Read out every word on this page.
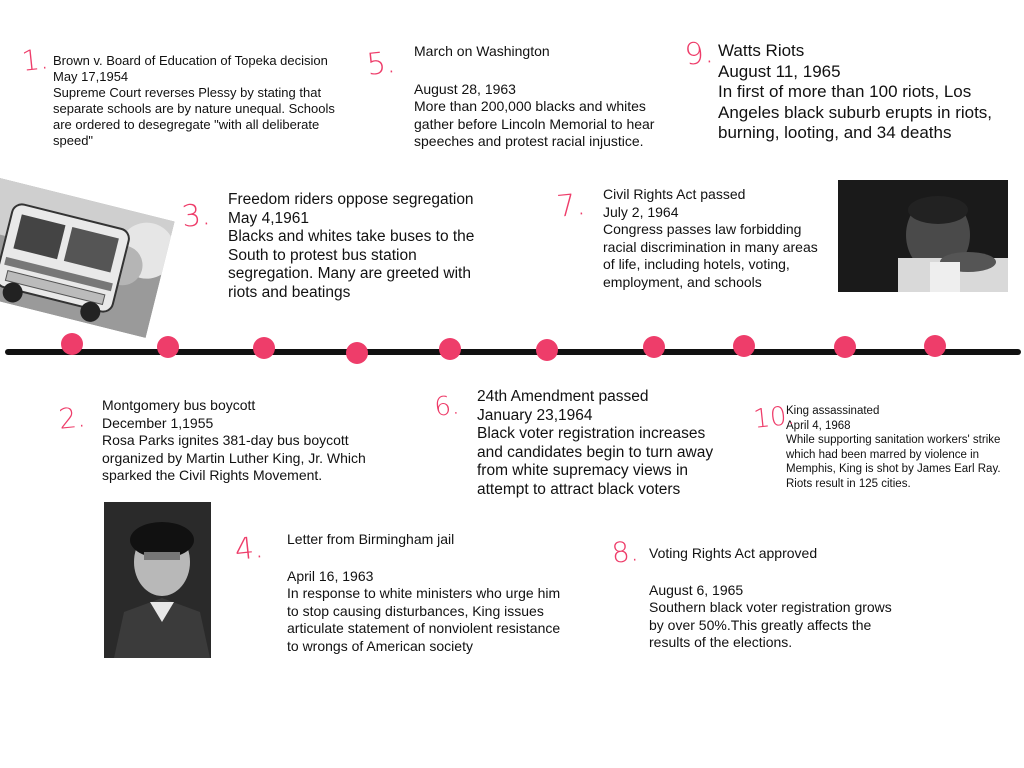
Brown v. Board of Education of Topeka decision
May 17,1954
Supreme Court reverses Plessy by stating that
separate schools are by nature unequal. Schools
are ordered to desegregate "with all deliberate
speed"
1.	March on Washington
August 28, 1963
More than 200,000 blacks and whites
gather before Lincoln Memorial to hear
speeches and protest racial injustice.
5.	Watts Riots
August 11, 1965
In first of more than 100 riots, Los
Angeles black suburb erupts in riots,
burning, looting, and 34 deaths
9.
Freedom riders oppose segregation
May 4,1961
Blacks and whites take buses to the
South to protest bus station
segregation. Many are greeted with
riots and beatings
3.
Civil Rights Act passed
July 2, 1964
Congress passes law forbidding
racial discrimination in many areas
of life, including hotels, voting,
employment, and schools
7.
Montgomery bus boycott
December 1,1955
Rosa Parks ignites 381-day bus boycott
organized by Martin Luther King, Jr. Which
sparked the Civil Rights Movement.
2.
24th Amendment passed
January 23,1964
Black voter registration increases
and candidates begin to turn away
from white supremacy views in
attempt to attract black voters
6.	King assassinated
April 4, 1968
While supporting sanitation workers' strike
which had been marred by violence in
Memphis, King is shot by James Earl Ray.
Riots result in 125 cities.
10.
Letter from Birmingham jail
April 16, 1963
In response to white ministers who urge him
to stop causing disturbances, King issues
articulate statement of nonviolent resistance
to wrongs of American society
4.	Voting Rights Act approved
August 6, 1965
Southern black voter registration grows
by over 50%.This greatly affects the
results of the elections.
8.
